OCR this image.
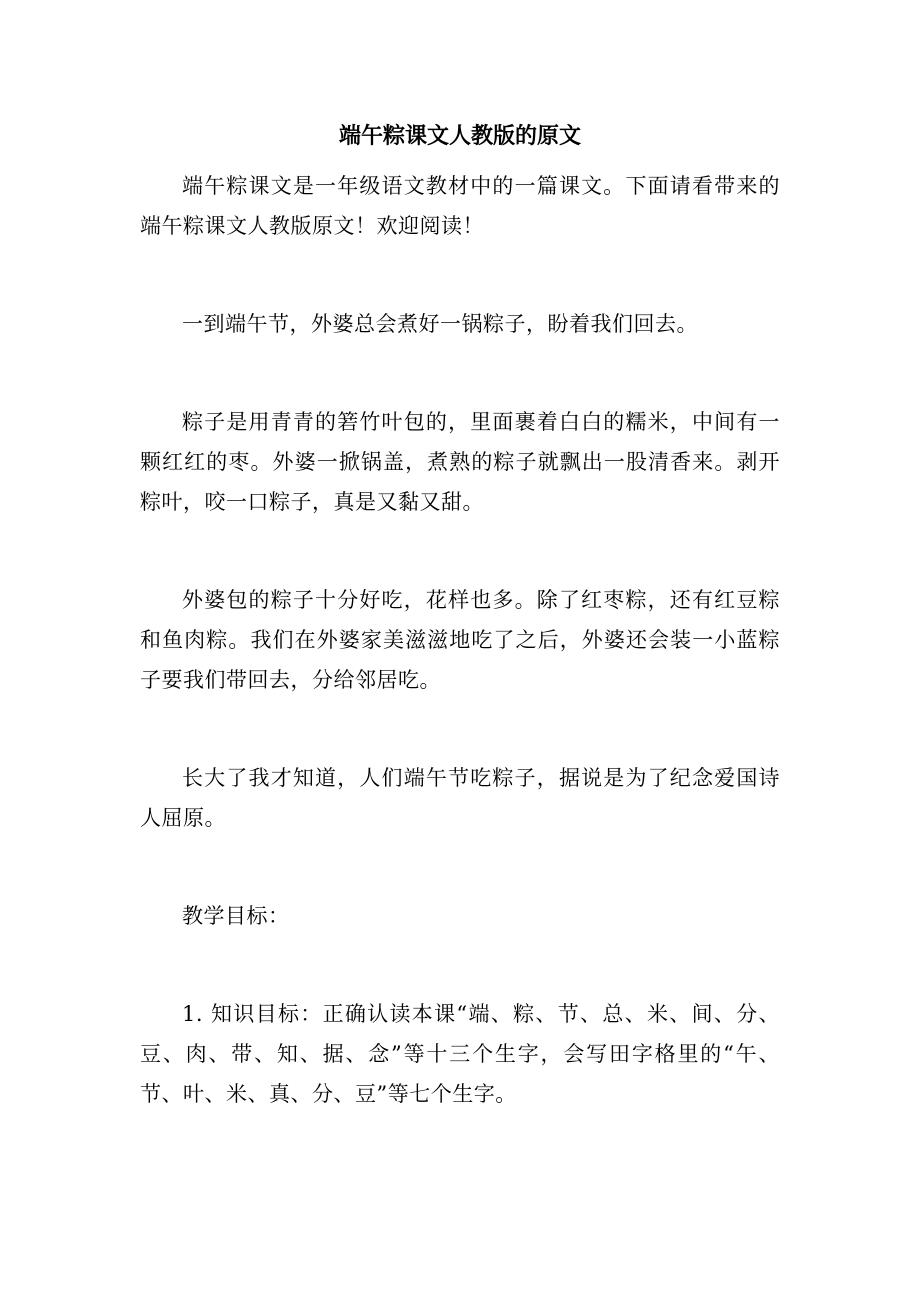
端午粽课文人教版的原文

端午粽课文是一年级语文教材中的一篇课文。下面请看带来的端午粽课文人教版原文！欢迎阅读！

一到端午节，外婆总会煮好一锅粽子，盼着我们回去。

粽子是用青青的箬竹叶包的，里面裹着白白的糯米，中间有一颗红红的枣。外婆一掀锅盖，煮熟的粽子就飘出一股清香来。剥开粽叶，咬一口粽子，真是又黏又甜。

外婆包的粽子十分好吃，花样也多。除了红枣粽，还有红豆粽和鱼肉粽。我们在外婆家美滋滋地吃了之后，外婆还会装一小蓝粽子要我们带回去，分给邻居吃。

长大了我才知道，人们端午节吃粽子，据说是为了纪念爱国诗人屈原。

教学目标：

1. 知识目标：正确认读本课“端、粽、节、总、米、间、分、豆、肉、带、知、据、念”等十三个生字，会写田字格里的“午、节、叶、米、真、分、豆”等七个生字。
